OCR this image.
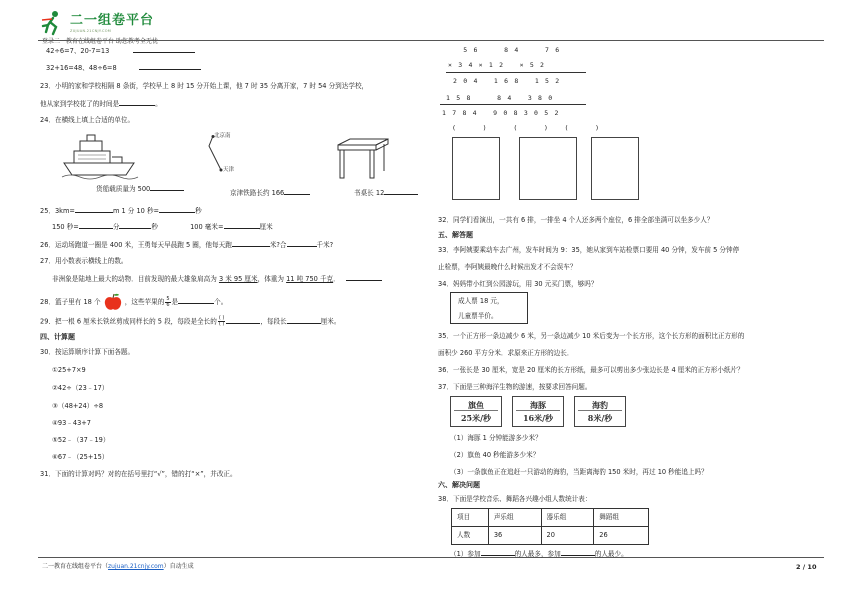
二一组卷平台
ZUJUAN.21CNJY.COM
登录二一教育在线组卷平台 助您教考全无忧
42÷6=7、20-7=13
32+16=48、48÷6=8
23．小明的家和学校相隔 8 条街，学校早上 8 时 15 分开始上课，他 7 时 35 分离开家，7 时 54 分到达学校，
他从家到学校花了的时间是	。
24．在横线上填上合适的单位。
北京南
天津
货船载质量为 500	京津铁路长约 166	书桌长 12
25．3km=	m 1 分 10 秒=	秒
150 秒=	分	秒	100 毫米=	厘米
26．运动场跑道一圈是 400 米，王勇每天早晨跑 5 圈，他每天跑	米?合	千米?
27．用小数表示横线上的数。
非洲象是陆地上最大的动物．目前发现的最大雄象肩高为 3 米 95 厘米，体重为 11 吨 750 千克．
28．篮子里有 18 个	，这些苹果的 $\frac{5}{6}$ 是	个。
29．把一根 6 厘米长铁丝剪成同样长的 5 段，每段是全长的 $\frac{( )}{( )}$	，每段长	厘米。
四、计算题
30．按运算顺序计算下面各题。
①25+7×9
②42÷（23﹣17）
③（48+24）÷8
④93﹣43+7
⑤52﹣（37﹣19）
⑥67﹣（25+15）
31．下面的计算对吗？对的在括号里打“√”，错的打“×”，并改正。
5 6     8 4     7 6
× 3 4 × 1 2   × 5 2
2 0 4   1 6 8   1 5 2
1 5 8     8 4   3 8 0
1 7 8 4   9 0 8 3 0 5 2
(     )     (     )   (     )
32．同学们看演出，一共有 6 排，一排坐 4 个人还多两个座位，6 排全部坐满可以坐多少人？
五、解答题
33．李阿姨要乘动车去广州，发车时间为 9：35，她从家到车站检票口要用 40 分钟，发车前 5 分钟停
止检票，李阿姨最晚什么时候出发才不会误车？
34．妈妈带小红到公园游玩，用 30 元买门票，够吗？
成人票 18 元，
儿童票半价。
35．一个正方形一条边减少 6 米，另一条边减少 10 米后变为一个长方形，这个长方形的面积比正方形的
面积少 260 平方分米．求原来正方形的边长．
36．一张长是 30 厘米，宽是 20 厘米的长方形纸，最多可以剪出多少张边长是 4 厘米的正方形小纸片？
37．下面是三种海洋生物的游速，按要求回答问题。
旗鱼
25米/秒
海豚
16米/秒
海豹
8米/秒
（1）海豚 1 分钟能游多少米？
（2）旗鱼 40 秒能游多少米？
（3）一条旗鱼正在追赶一只游动的海豹，当距离海豹 150 米时，再过 10 秒能追上吗？
六、解决问题
38．下面是学校音乐、舞蹈各兴趣小组人数统计表：
项目	声乐组	器乐组	舞蹈组
人数	36	20	26
（1）参加	的人最多，参加	的人最少。
二一教育在线组卷平台（zujuan.21cnjy.com）自动生成	2 / 10
